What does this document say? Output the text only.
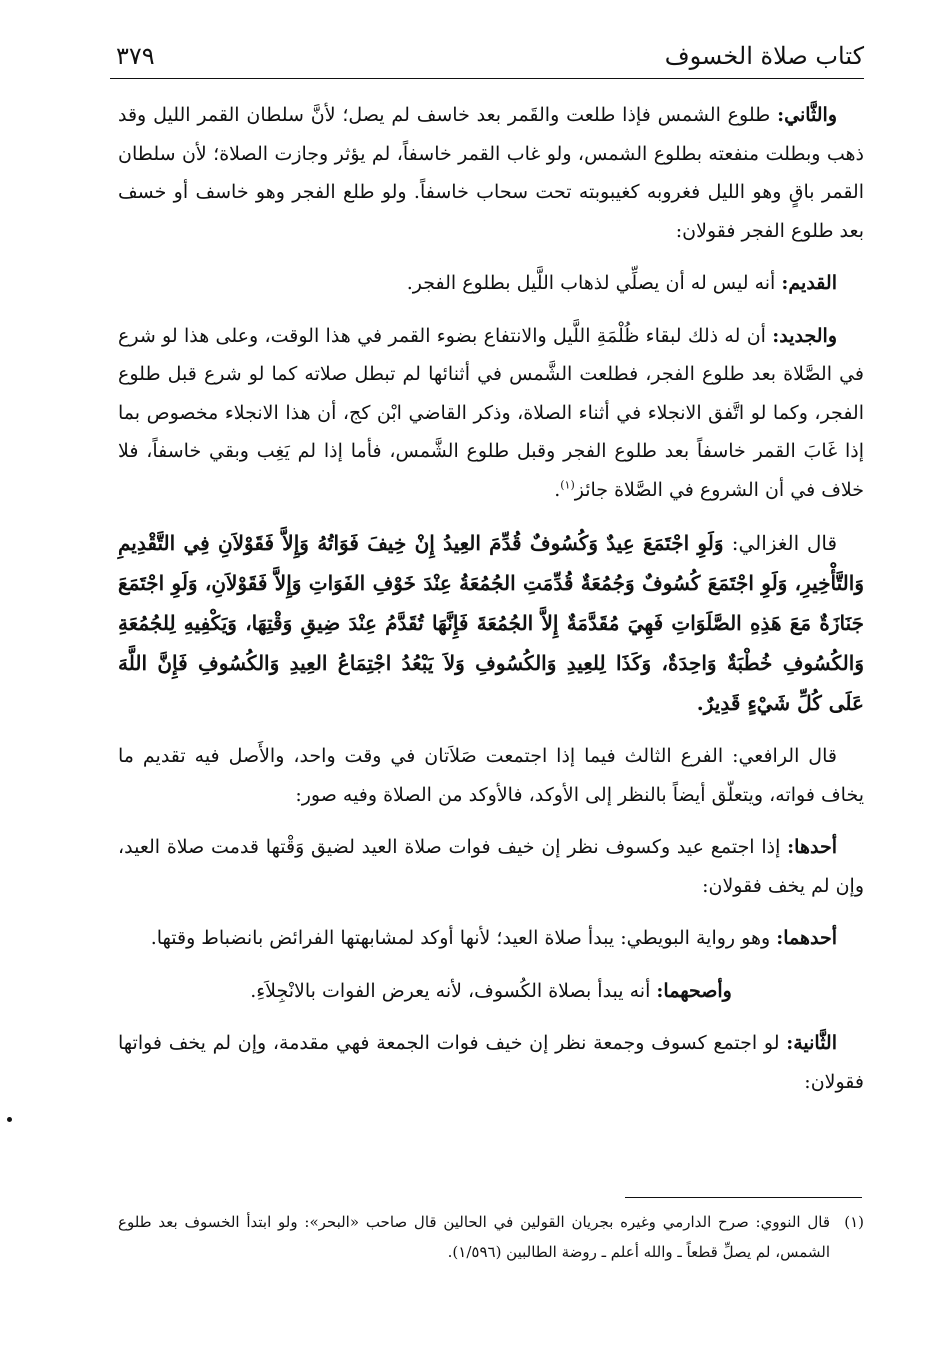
كتاب صلاة الخسوف
٣٧٩

والثَّاني: طلوع الشمس فإذا طلعت والقَمر بعد خاسف لم يصل؛ لأنَّ سلطان القمر الليل وقد ذهب وبطلت منفعته بطلوع الشمس، ولو غاب القمر خاسفاً، لم يؤثر وجازت الصلاة؛ لأن سلطان القمر باقٍ وهو الليل فغروبه كغيبوبته تحت سحاب خاسفاً. ولو طلع الفجر وهو خاسف أو خسف بعد طلوع الفجر فقولان:

القديم: أنه ليس له أن يصلِّي لذهاب اللَّيل بطلوع الفجر.

والجديد: أن له ذلك لبقاء ظُلْمَةِ اللَّيل والانتفاع بضوء القمر في هذا الوقت، وعلى هذا لو شرع في الصَّلاة بعد طلوع الفجر، فطلعت الشَّمس في أثنائها لم تبطل صلاته كما لو شرع قبل طلوع الفجر، وكما لو اتَّفق الانجلاء في أثناء الصلاة، وذكر القاضي ابْن كج، أن هذا الانجلاء مخصوص بما إذا غَابَ القمر خاسفاً بعد طلوع الفجر وقبل طلوع الشَّمس، فأما إذا لم يَغِب وبقي خاسفاً، فلا خلاف في أن الشروع في الصَّلاة جائز$^{(١)}$.

قال الغزالي: وَلَوِ اجْتَمَعَ عِيدٌ وَكُسُوفٌ قُدِّمَ العِيدُ إِنْ خِيفَ فَوَاتُهُ وَإِلاَّ فَقَوْلاَنِ فِي التَّقْدِيمِ وَالتَّأْخِيرِ، وَلَوِ اجْتَمَعَ كُسُوفٌ وَجُمُعَةٌ قُدِّمَتِ الجُمُعَةُ عِنْدَ خَوْفِ الفَوَاتِ وَإِلاَّ فَقَوْلاَنِ، وَلَوِ اجْتَمَعَ جَنَازَةٌ مَعَ هَذِهِ الصَّلَوَاتِ فَهِيَ مُقَدَّمَةٌ إِلاَّ الجُمُعَةَ فَإِنَّهَا تُقَدَّمُ عِنْدَ ضِيقِ وَقْتِهَا، وَيَكْفِيهِ لِلجُمُعَةِ وَالكُسُوفِ خُطْبَةٌ وَاحِدَةٌ، وَكَذَا لِلعِيدِ وَالكُسُوفِ وَلاَ يَبْعُدُ اجْتِمَاعُ العِيدِ وَالكُسُوفِ فَإِنَّ اللَّهَ عَلَى كُلِّ شَيْءٍ قَدِيرٌ.

قال الرافعي: الفرع الثالث فيما إذا اجتمعت صَلاَتان في وقت واحد، والأَصل فيه تقديم ما يخاف فواته، ويتعلّق أيضاً بالنظر إلى الأوكد، فالأوكد من الصلاة وفيه صور:

أحدها: إذا اجتمع عيد وكسوف نظر إن خيف فوات صلاة العيد لضيق وَقْتها قدمت صلاة العيد، وإن لم يخف فقولان:

أحدهما: وهو رواية البويطي: يبدأ صلاة العيد؛ لأنها أوكد لمشابهتها الفرائض بانضباط وقتها.

وأصحهما: أنه يبدأ بصلاة الكُسوف، لأنه يعرض الفوات بالانْجِلاَءِ.

الثَّانية: لو اجتمع كسوف وجمعة نظر إن خيف فوات الجمعة فهي مقدمة، وإن لم يخف فواتها فقولان:

(١)
قال النووي: صرح الدارمي وغيره بجريان القولين في الحالين قال صاحب «البحر»: ولو ابتدأ الخسوف بعد طلوع الشمس، لم يصلِّ قطعاً ـ والله أعلم ـ روضة الطالبين (١/٥٩٦).
